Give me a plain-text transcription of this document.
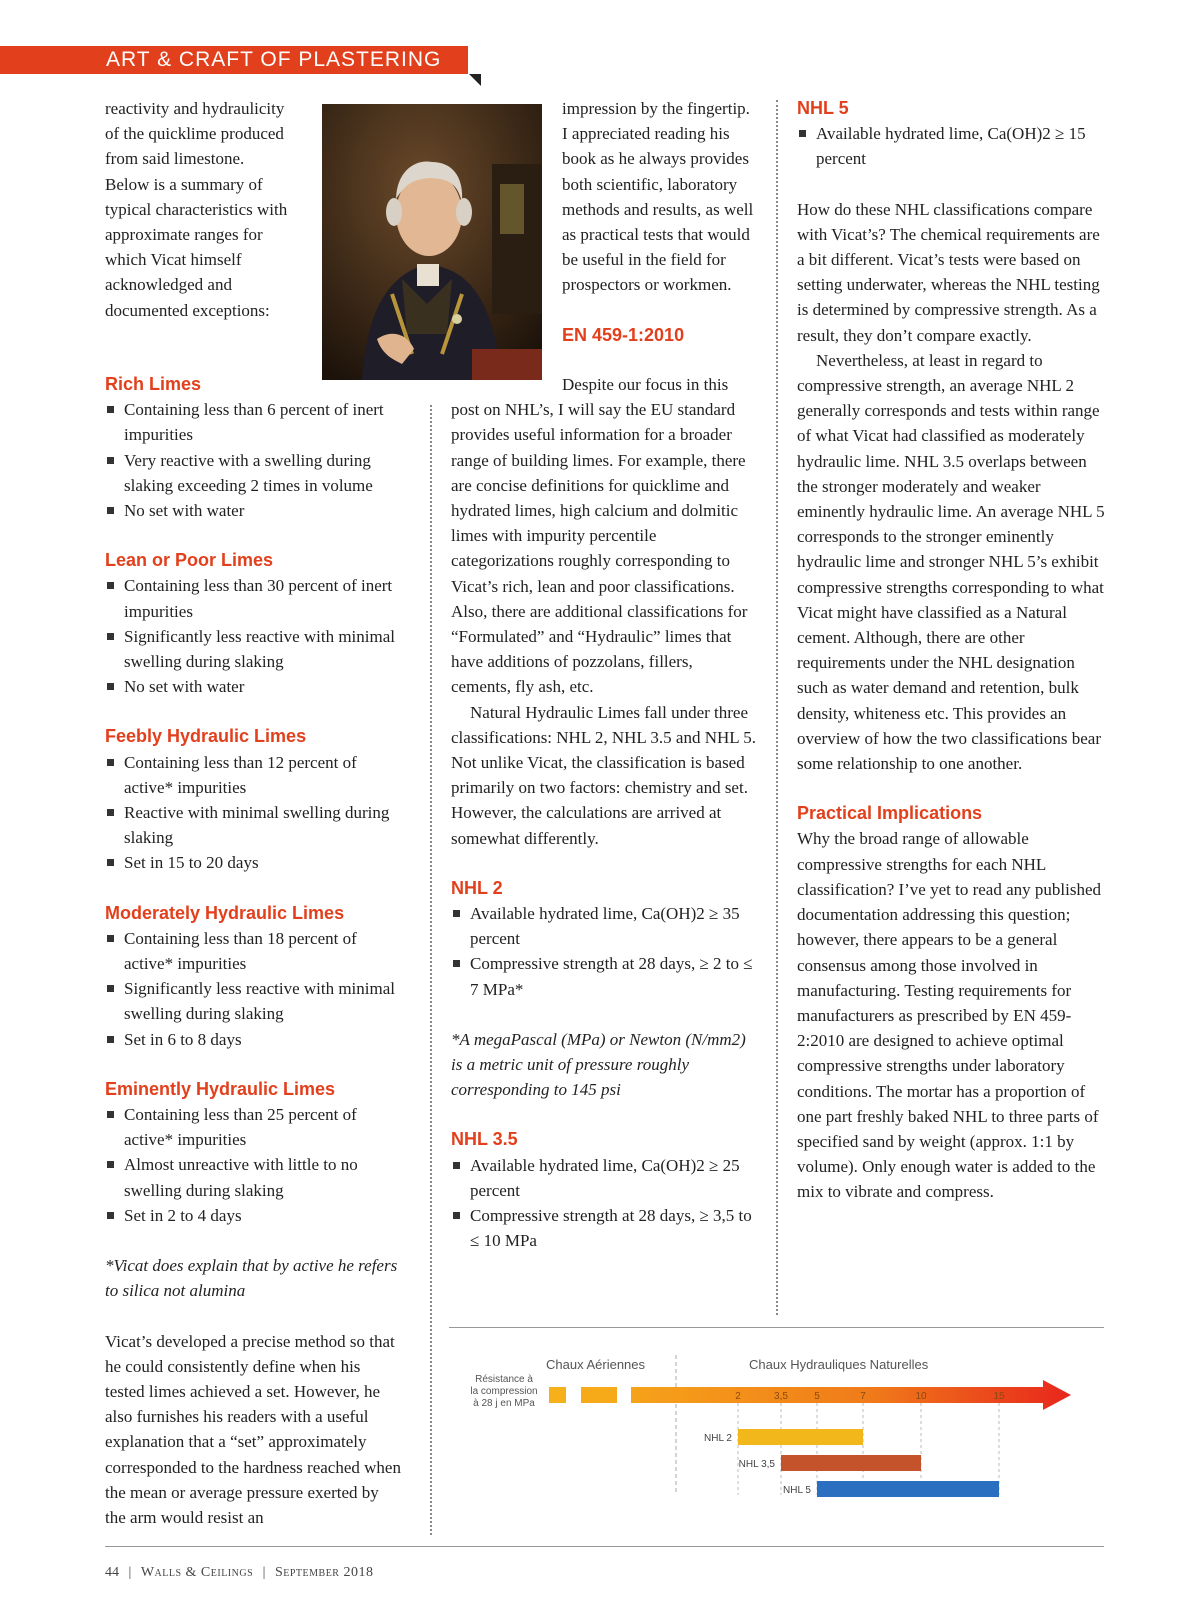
ART & CRAFT OF PLASTERING

reactivity and hydraulicity of the quicklime produced from said limestone. Below is a summary of typical characteristics with approximate ranges for which Vicat himself acknowledged and documented exceptions:

Rich Limes
Containing less than 6 percent of inert impurities
Very reactive with a swelling during slaking exceeding 2 times in volume
No set with water
Lean or Poor Limes
Containing less than 30 percent of inert impurities
Significantly less reactive with minimal swelling during slaking
No set with water
Feebly Hydraulic Limes
Containing less than 12 percent of active* impurities
Reactive with minimal swelling during slaking
Set in 15 to 20 days
Moderately Hydraulic Limes
Containing less than 18 percent of active* impurities
Significantly less reactive with minimal swelling during slaking
Set in 6 to 8 days
Eminently Hydraulic Limes
Containing less than 25 percent of active* impurities
Almost unreactive with little to no swelling during slaking
Set in 2 to 4 days

*Vicat does explain that by active he refers to silica not alumina

Vicat’s developed a precise method so that he could consistently define when his tested limes achieved a set. However, he also furnishes his readers with a useful explanation that a “set” approximately corresponded to the hardness reached when the mean or average pressure exerted by the arm would resist an

impression by the fingertip. I appreciated reading his book as he always provides both scientific, laboratory methods and results, as well as practical tests that would be useful in the field for prospectors or workmen.

EN 459-1:2010

Despite our focus in this post on NHL’s, I will say the EU standard provides useful information for a broader range of building limes. For example, there are concise definitions for quicklime and hydrated limes, high calcium and dolmitic limes with impurity percentile categorizations roughly corresponding to Vicat’s rich, lean and poor classifications. Also, there are additional classifications for “Formulated” and “Hydraulic” limes that have additions of pozzolans, fillers, cements, fly ash, etc.

Natural Hydraulic Limes fall under three classifications: NHL 2, NHL 3.5 and NHL 5. Not unlike Vicat, the classification is based primarily on two factors: chemistry and set. However, the calculations are arrived at somewhat differently.

NHL 2
Available hydrated lime, Ca(OH)2 ≥ 35 percent
Compressive strength at 28 days, ≥ 2 to ≤ 7 MPa*

*A megaPascal (MPa) or Newton (N/mm2) is a metric unit of pressure roughly corresponding to 145 psi

NHL 3.5
Available hydrated lime, Ca(OH)2 ≥ 25 percent
Compressive strength at 28 days, ≥ 3,5 to ≤ 10 MPa
NHL 5
Available hydrated lime, Ca(OH)2 ≥ 15 percent

How do these NHL classifications compare with Vicat’s? The chemical requirements are a bit different. Vicat’s tests were based on setting underwater, whereas the NHL testing is determined by compressive strength. As a result, they don’t compare exactly.

Nevertheless, at least in regard to compressive strength, an average NHL 2 generally corresponds and tests within range of what Vicat had classified as moderately hydraulic lime. NHL 3.5 overlaps between the stronger moderately and weaker eminently hydraulic lime. An average NHL 5 corresponds to the stronger eminently hydraulic lime and stronger NHL 5’s exhibit compressive strengths corresponding to what Vicat might have classified as a Natural cement. Although, there are other requirements under the NHL designation such as water demand and retention, bulk density, whiteness etc. This provides an overview of how the two classifications bear some relationship to one another.

Practical Implications

Why the broad range of allowable compressive strengths for each NHL classification? I’ve yet to read any published documentation addressing this question; however, there appears to be a general consensus among those involved in manufacturing. Testing requirements for manufacturers as prescribed by EN 459-2:2010 are designed to achieve optimal compressive strengths under laboratory conditions. The mortar has a proportion of one part freshly baked NHL to three parts of specified sand by weight (approx. 1:1 by volume). Only enough water is added to the mix to vibrate and compress.

Chaux Aériennes	Chaux Hydrauliques Naturelles
Résistance à
la compression
à 28 j en MPa
2	3,5	5	7	10	15
NHL 2
NHL 3,5
NHL 5
44 | Walls & Ceilings | September 2018
